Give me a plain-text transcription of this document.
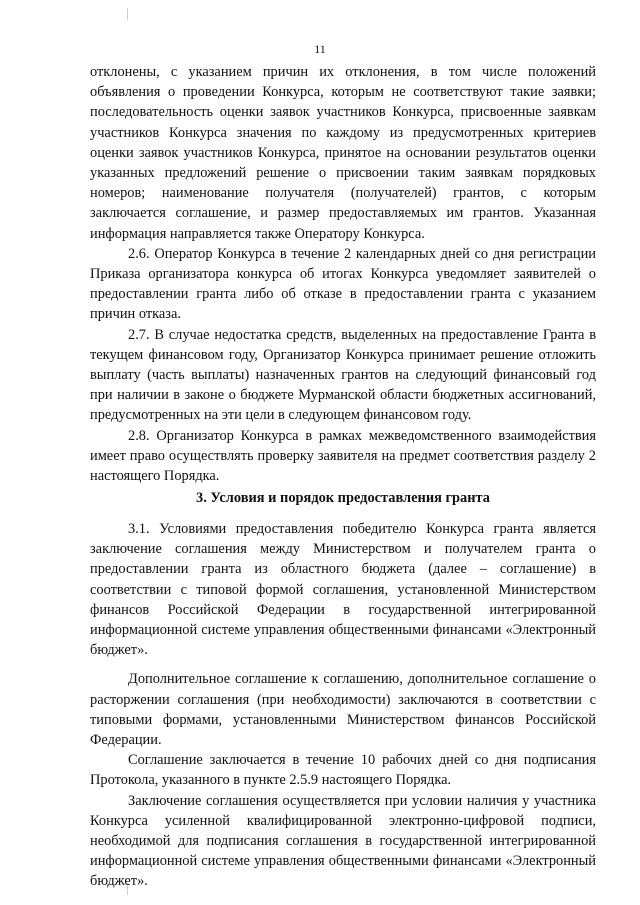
11

отклонены, с указанием причин их отклонения, в том числе положений объявления о проведении Конкурса, которым не соответствуют такие заявки; последовательность оценки заявок участников Конкурса, присвоенные заявкам участников Конкурса значения по каждому из предусмотренных критериев оценки заявок участников Конкурса, принятое на основании результатов оценки указанных предложений решение о присвоении таким заявкам порядковых номеров; наименование получателя (получателей) грантов, с которым заключается соглашение, и размер предоставляемых им грантов. Указанная информация направляется также Оператору Конкурса.

2.6. Оператор Конкурса в течение 2 календарных дней со дня регистрации Приказа организатора конкурса об итогах Конкурса уведомляет заявителей о предоставлении гранта либо об отказе в предоставлении гранта с указанием причин отказа.

2.7. В случае недостатка средств, выделенных на предоставление Гранта в текущем финансовом году, Организатор Конкурса принимает решение отложить выплату (часть выплаты) назначенных грантов на следующий финансовый год при наличии в законе о бюджете Мурманской области бюджетных ассигнований, предусмотренных на эти цели в следующем финансовом году.

2.8. Организатор Конкурса в рамках межведомственного взаимодействия имеет право осуществлять проверку заявителя на предмет соответствия разделу 2 настоящего Порядка.

3. Условия и порядок предоставления гранта

3.1. Условиями предоставления победителю Конкурса гранта является заключение соглашения между Министерством и получателем гранта о предоставлении гранта из областного бюджета (далее – соглашение) в соответствии с типовой формой соглашения, установленной Министерством финансов Российской Федерации в государственной интегрированной информационной системе управления общественными финансами «Электронный бюджет».

Дополнительное соглашение к соглашению, дополнительное соглашение о расторжении соглашения (при необходимости) заключаются в соответствии с типовыми формами, установленными Министерством финансов Российской Федерации.

Соглашение заключается в течение 10 рабочих дней со дня подписания Протокола, указанного в пункте 2.5.9 настоящего Порядка.

Заключение соглашения осуществляется при условии наличия у участника Конкурса усиленной квалифицированной электронно-цифровой подписи, необходимой для подписания соглашения в государственной интегрированной информационной системе управления общественными финансами «Электронный бюджет».
